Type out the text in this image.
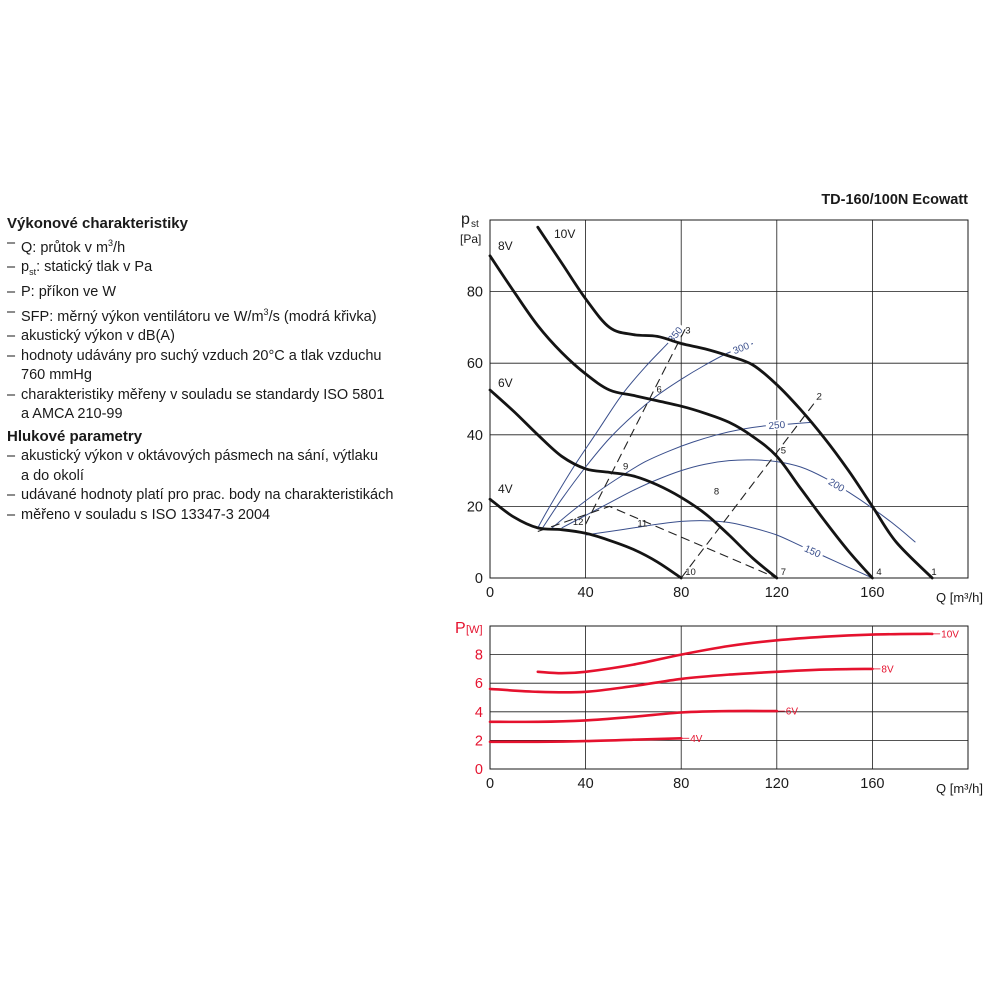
Výkonové charakteristiky
– Q: průtok v $m^3/h$
– $p_{st}$: statický tlak v Pa
– P: příkon ve W
– SFP: měrný výkon ventilátoru ve $W/m^3/s$ (modrá křivka)
– akustický výkon v dB(A)
– hodnoty udávány pro suchý vzduch 20°C a tlak vzduchu
760 mmHg
– charakteristiky měřeny v souladu se standardy ISO 5801
a AMCA 210-99
Hlukové parametry
– akustický výkon v oktávových pásmech na sání, výtlaku
a do okolí
– udávané hodnoty platí pro prac. body na charakteristikách
– měřeno v souladu s ISO 13347-3 2004
TD-160/100N Ecowatt
0	40	80	120	160
0
20
40
60
80
Q [m³/h]
p st
[Pa]
350
300
250
200
150
10V
8V
6V
4V
1
2
3
4
5
6
7
8
9
10
11
12
0	40	80	120	160
0
2
4
6
8
Q [m³/h]
P [W]	10V
8V
6V
4V
